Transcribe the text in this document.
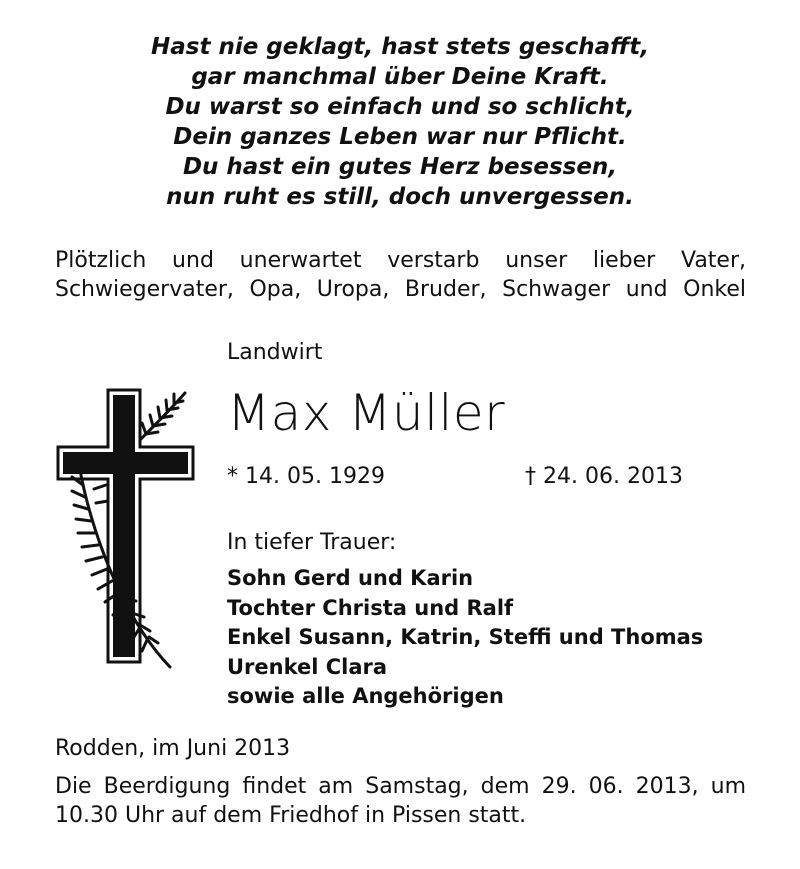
Hast nie geklagt, hast stets geschafft,
gar manchmal über Deine Kraft.
Du warst so einfach und so schlicht,
Dein ganzes Leben war nur Pflicht.
Du hast ein gutes Herz besessen,
nun ruht es still, doch unvergessen.
Plötzlich und unerwartet verstarb unser lieber Vater,
Schwiegervater, Opa, Uropa, Bruder, Schwager und Onkel
Landwirt
Max Müller
* 14. 05. 1929	† 24. 06. 2013
In tiefer Trauer:
Sohn Gerd und Karin
Tochter Christa und Ralf
Enkel Susann, Katrin, Steffi und Thomas
Urenkel Clara
sowie alle Angehörigen
Rodden, im Juni 2013
Die Beerdigung findet am Samstag, dem 29. 06. 2013, um
10.30 Uhr auf dem Friedhof in Pissen statt.
